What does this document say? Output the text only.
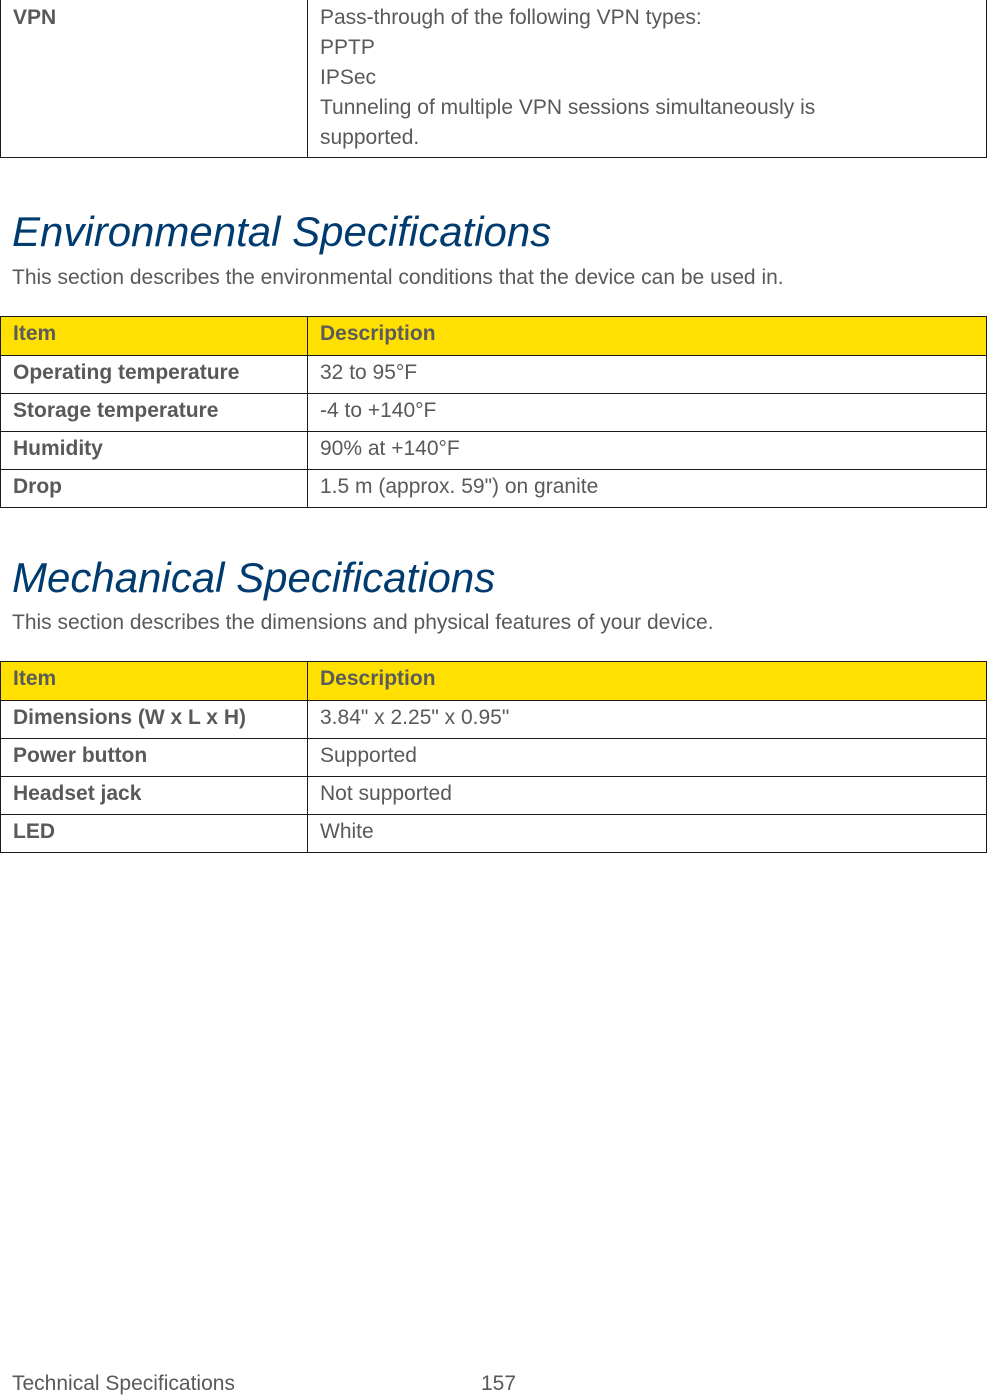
VPN	Pass-through of the following VPN types:
PPTP
IPSec
Tunneling of multiple VPN sessions simultaneously is
supported.
Environmental Specifications

This section describes the environmental conditions that the device can be used in.

Item	Description
Operating temperature	32 to 95°F
Storage temperature	-4 to +140°F
Humidity	90% at +140°F
Drop	1.5 m (approx. 59") on granite
Mechanical Specifications

This section describes the dimensions and physical features of your device.

Item	Description
Dimensions (W x L x H)	3.84" x 2.25" x 0.95"
Power button	Supported
Headset jack	Not supported
LED	White
Technical Specifications	157
